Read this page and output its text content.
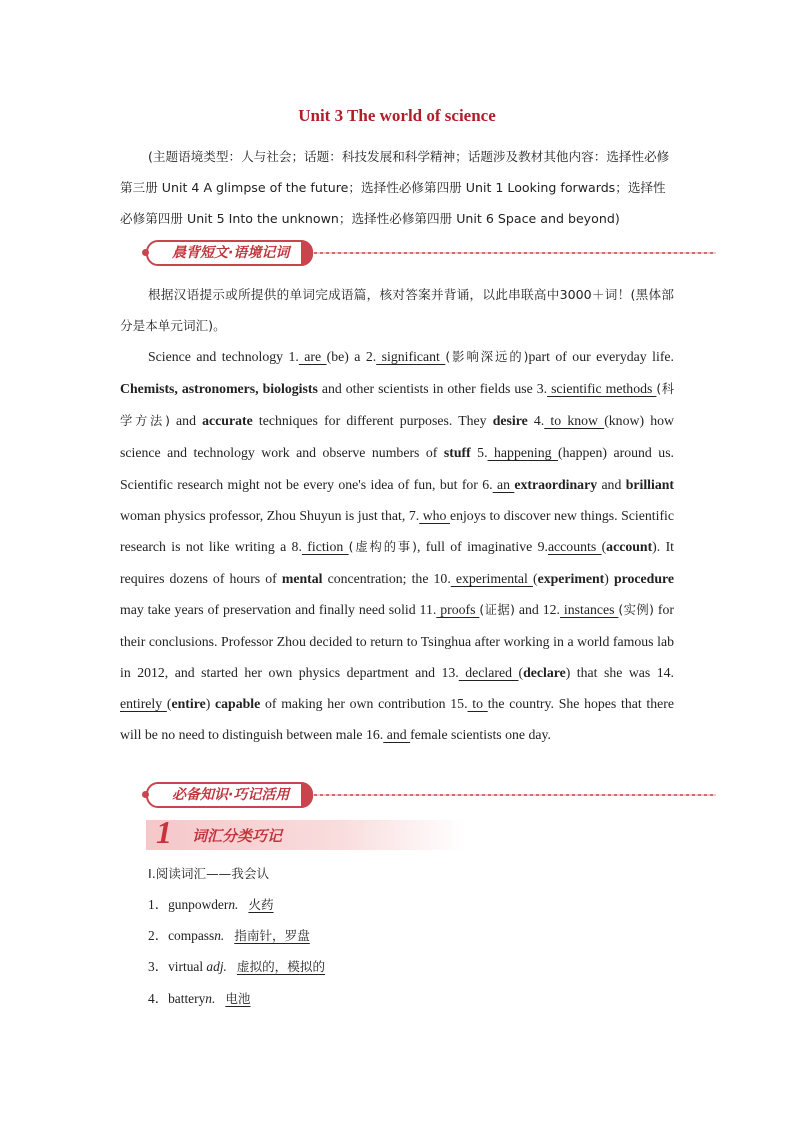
Unit 3 The world of science

(主题语境类型：人与社会；话题：科技发展和科学精神；话题涉及教材其他内容：选择性必修第三册 Unit 4 A glimpse of the future；选择性必修第四册 Unit 1 Looking forwards；选择性必修第四册 Unit 5 Into the unknown；选择性必修第四册 Unit 6 Space and beyond)

晨背短文·语境记词

根据汉语提示或所提供的单词完成语篇，核对答案并背诵，以此串联高中3000＋词！(黑体部分是本单元词汇)。

Science and technology 1. are (be) a 2. significant (影响深远的)part of our everyday life. Chemists, astronomers, biologists and other scientists in other fields use 3. scientific methods (科学方法) and accurate techniques for different purposes. They desire 4. to know (know) how science and technology work and observe numbers of stuff 5. happening (happen) around us. Scientific research might not be every one's idea of fun, but for 6. an extraordinary and brilliant woman physics professor, Zhou Shuyun is just that, 7. who enjoys to discover new things. Scientific research is not like writing a 8. fiction (虚构的事), full of imaginative 9.accounts (account). It requires dozens of hours of mental concentration; the 10. experimental (experiment) procedure may take years of preservation and finally need solid 11. proofs (证据) and 12. instances (实例) for their conclusions. Professor Zhou decided to return to Tsinghua after working in a world famous lab in 2012, and started her own physics department and 13. declared (declare) that she was 14. entirely (entire) capable of making her own contribution 15. to the country. She hopes that there will be no need to distinguish between male 16. and female scientists one day.

必备知识·巧记活用
1 词汇分类巧记
Ⅰ.阅读词汇——我会认
1．gunpowdern. 火药
2．compassn. 指南针，罗盘
3．virtual adj. 虚拟的，模拟的
4．batteryn. 电池
